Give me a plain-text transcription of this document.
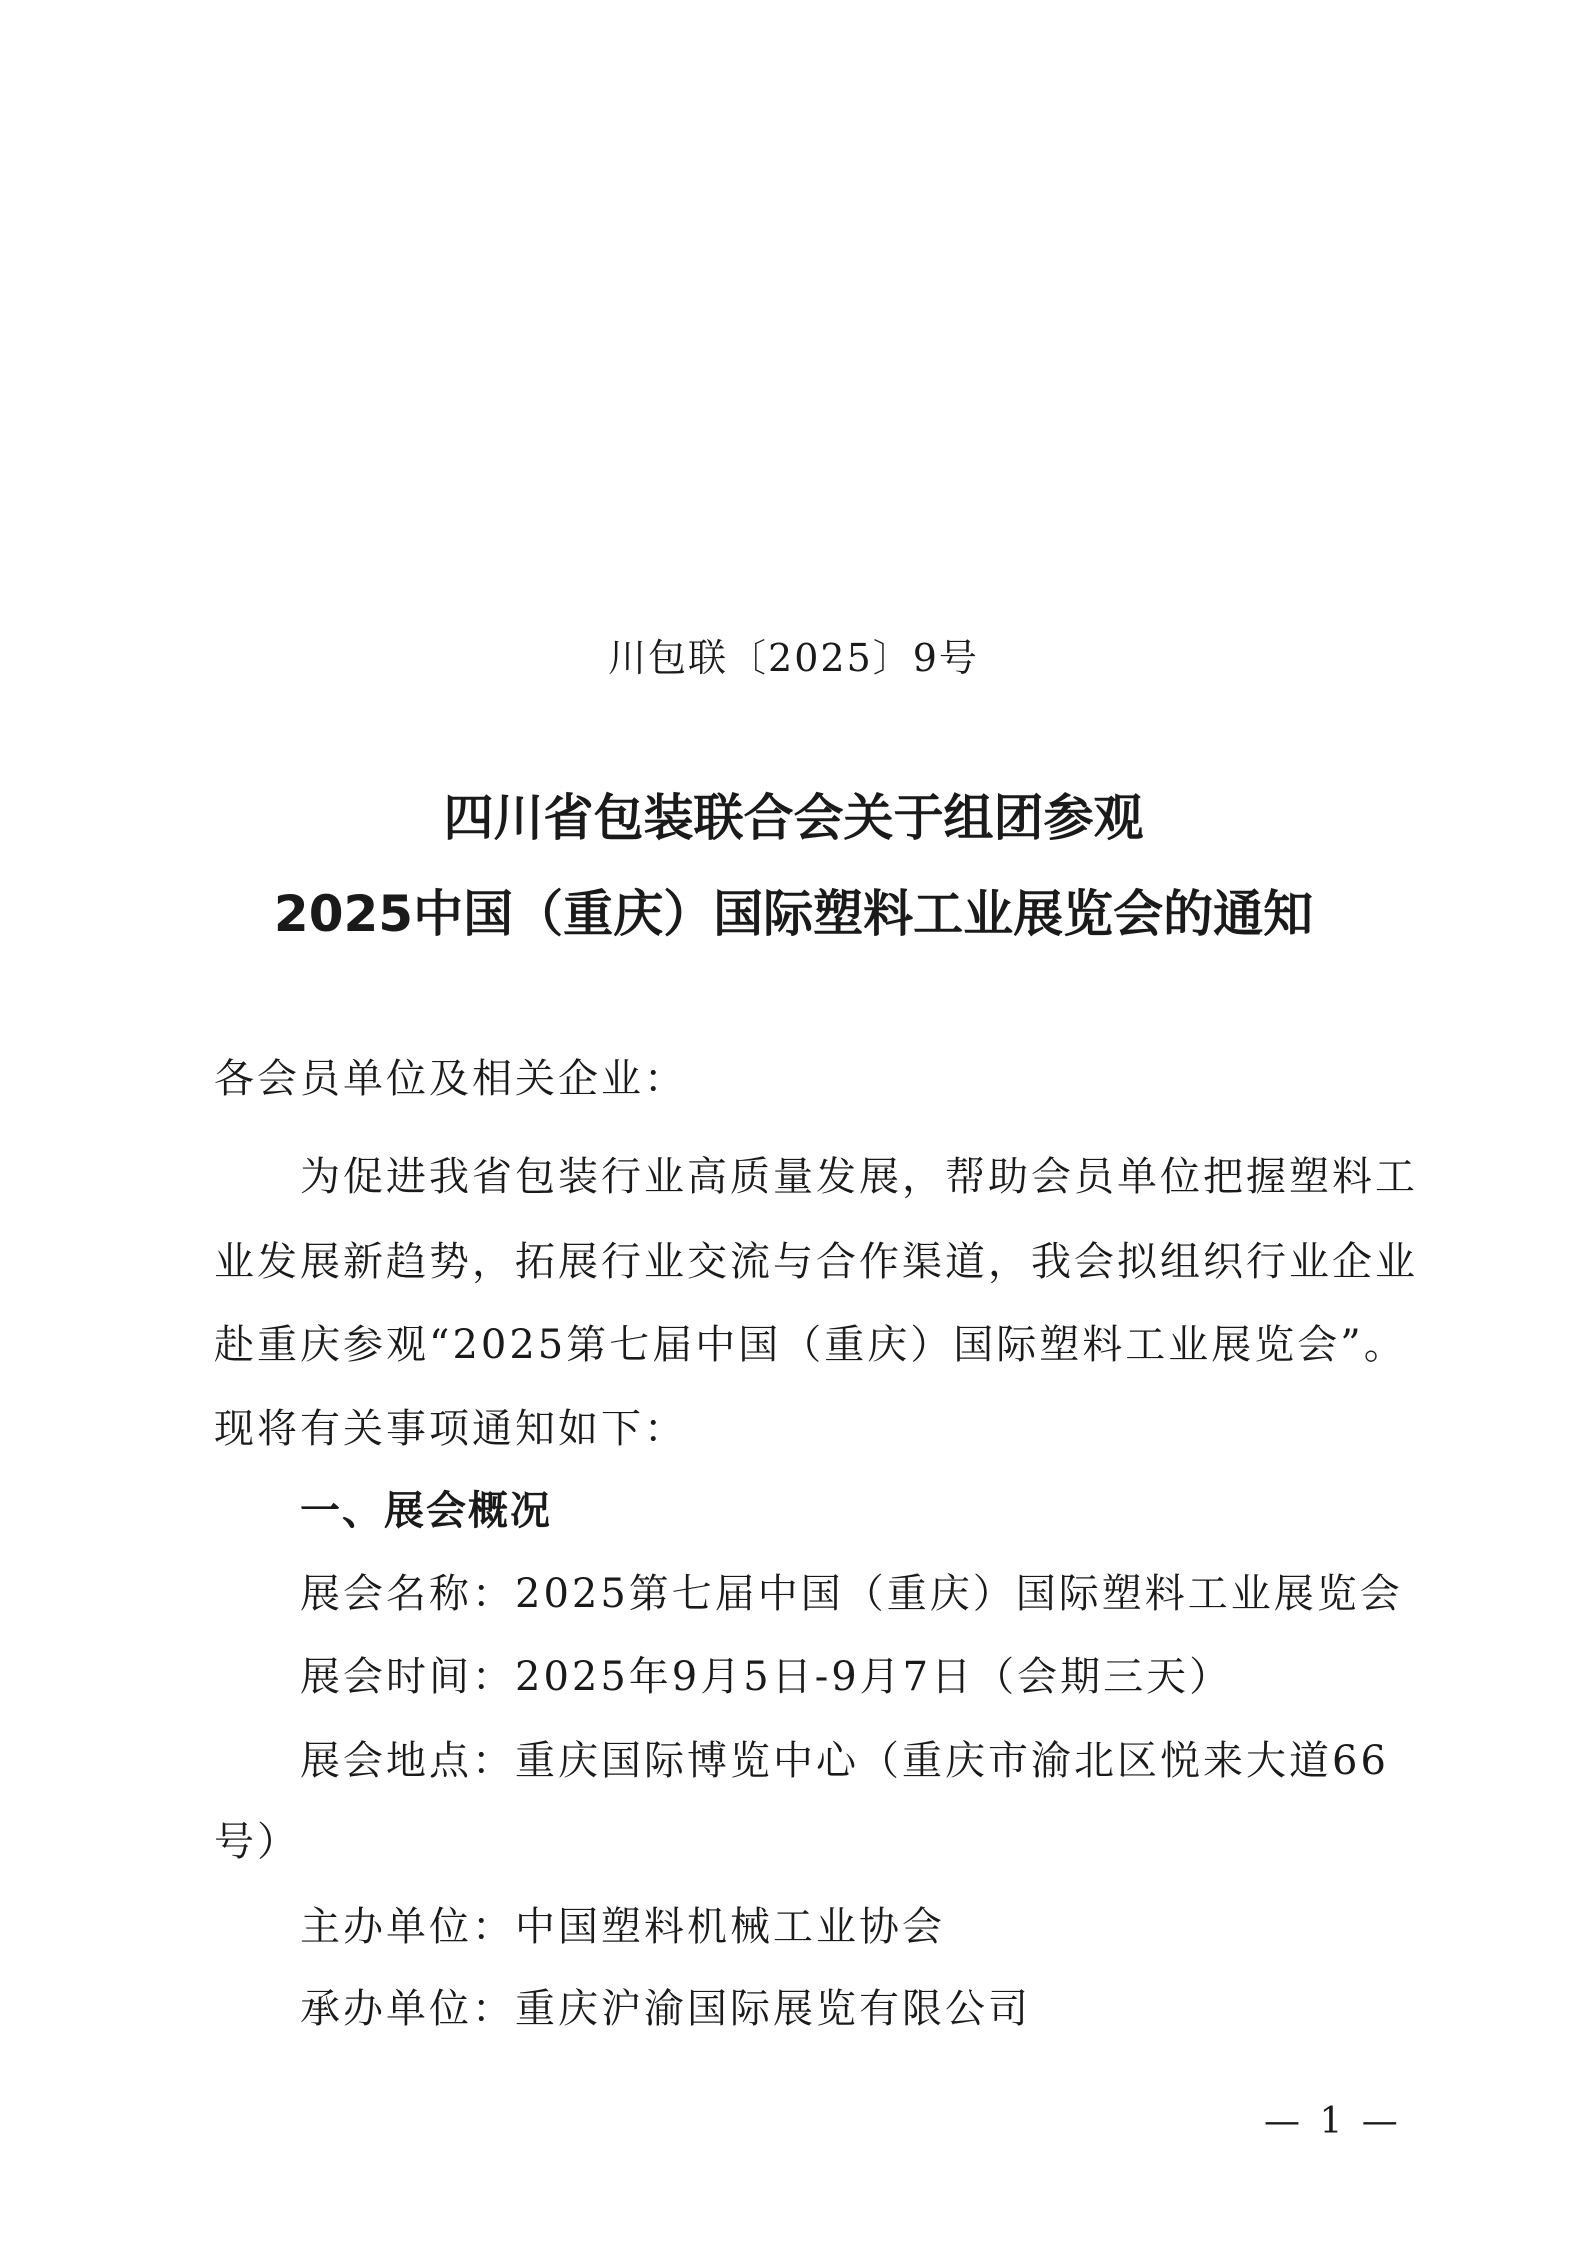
川包联〔2025〕9号
四川省包装联合会关于组团参观
2025中国（重庆）国际塑料工业展览会的通知
各会员单位及相关企业：
为促进我省包装行业高质量发展，帮助会员单位把握塑料工
业发展新趋势，拓展行业交流与合作渠道，我会拟组织行业企业
赴重庆参观“2025第七届中国（重庆）国际塑料工业展览会”。
现将有关事项通知如下：
一、展会概况
展会名称：2025第七届中国（重庆）国际塑料工业展览会
展会时间：2025年9月5日-9月7日（会期三天）
展会地点：重庆国际博览中心（重庆市渝北区悦来大道66
号）
主办单位：中国塑料机械工业协会
承办单位：重庆沪渝国际展览有限公司
— 1 —
